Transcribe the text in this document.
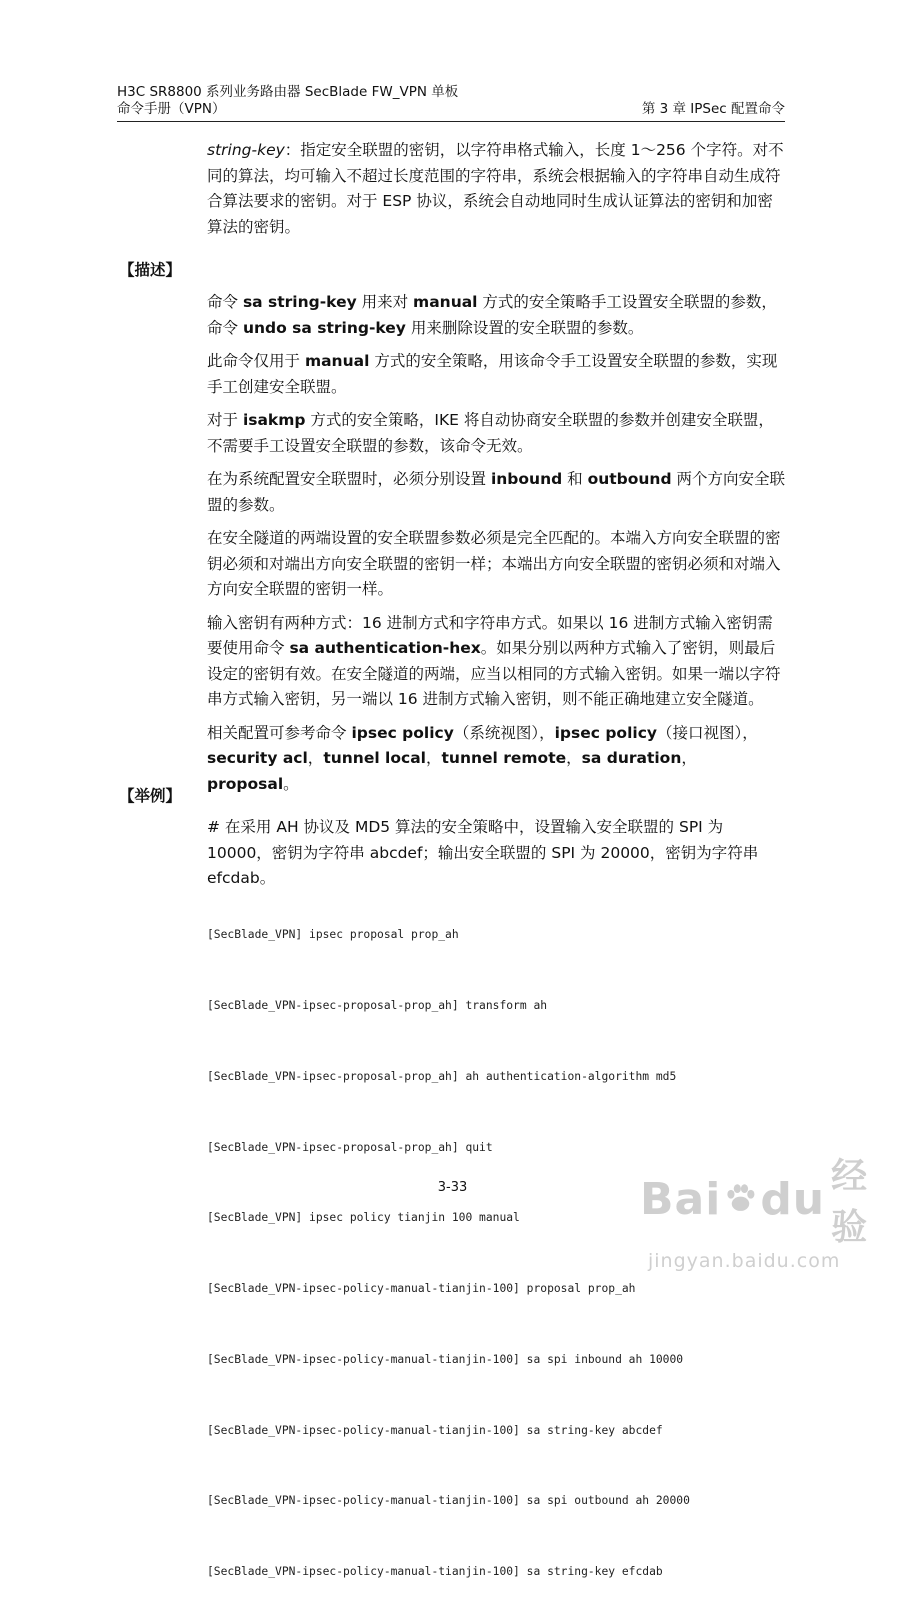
H3C SR8800 系列业务路由器 SecBlade FW_VPN 单板
命令手册（VPN）	第 3 章 IPSec 配置命令

string-key：指定安全联盟的密钥，以字符串格式输入，长度 1～256 个字符。对不同的算法，均可输入不超过长度范围的字符串，系统会根据输入的字符串自动生成符合算法要求的密钥。对于 ESP 协议，系统会自动地同时生成认证算法的密钥和加密算法的密钥。

【描述】

命令 sa string-key 用来对 manual 方式的安全策略手工设置安全联盟的参数，命令 undo sa string-key 用来删除设置的安全联盟的参数。

此命令仅用于 manual 方式的安全策略，用该命令手工设置安全联盟的参数，实现手工创建安全联盟。

对于 isakmp 方式的安全策略，IKE 将自动协商安全联盟的参数并创建安全联盟，不需要手工设置安全联盟的参数，该命令无效。

在为系统配置安全联盟时，必须分别设置 inbound 和 outbound 两个方向安全联盟的参数。

在安全隧道的两端设置的安全联盟参数必须是完全匹配的。本端入方向安全联盟的密钥必须和对端出方向安全联盟的密钥一样；本端出方向安全联盟的密钥必须和对端入方向安全联盟的密钥一样。

输入密钥有两种方式：16 进制方式和字符串方式。如果以 16 进制方式输入密钥需要使用命令 sa authentication-hex。如果分别以两种方式输入了密钥，则最后设定的密钥有效。在安全隧道的两端，应当以相同的方式输入密钥。如果一端以字符串方式输入密钥，另一端以 16 进制方式输入密钥，则不能正确地建立安全隧道。

相关配置可参考命令 ipsec policy（系统视图），ipsec policy（接口视图），security acl，tunnel local，tunnel remote，sa duration，proposal。

【举例】
# 在采用 AH 协议及 MD5 算法的安全策略中，设置输入安全联盟的 SPI 为 10000，密钥为字符串 abcdef；输出安全联盟的 SPI 为 20000，密钥为字符串 efcdab。

[SecBlade_VPN] ipsec proposal prop_ah

[SecBlade_VPN-ipsec-proposal-prop_ah] transform ah

[SecBlade_VPN-ipsec-proposal-prop_ah] ah authentication-algorithm md5

[SecBlade_VPN-ipsec-proposal-prop_ah] quit

[SecBlade_VPN] ipsec policy tianjin 100 manual

[SecBlade_VPN-ipsec-policy-manual-tianjin-100] proposal prop_ah

[SecBlade_VPN-ipsec-policy-manual-tianjin-100] sa spi inbound ah 10000

[SecBlade_VPN-ipsec-policy-manual-tianjin-100] sa string-key abcdef

[SecBlade_VPN-ipsec-policy-manual-tianjin-100] sa spi outbound ah 20000

[SecBlade_VPN-ipsec-policy-manual-tianjin-100] sa string-key efcdab

3-33	Bai du 经验
jingyan.baidu.com
